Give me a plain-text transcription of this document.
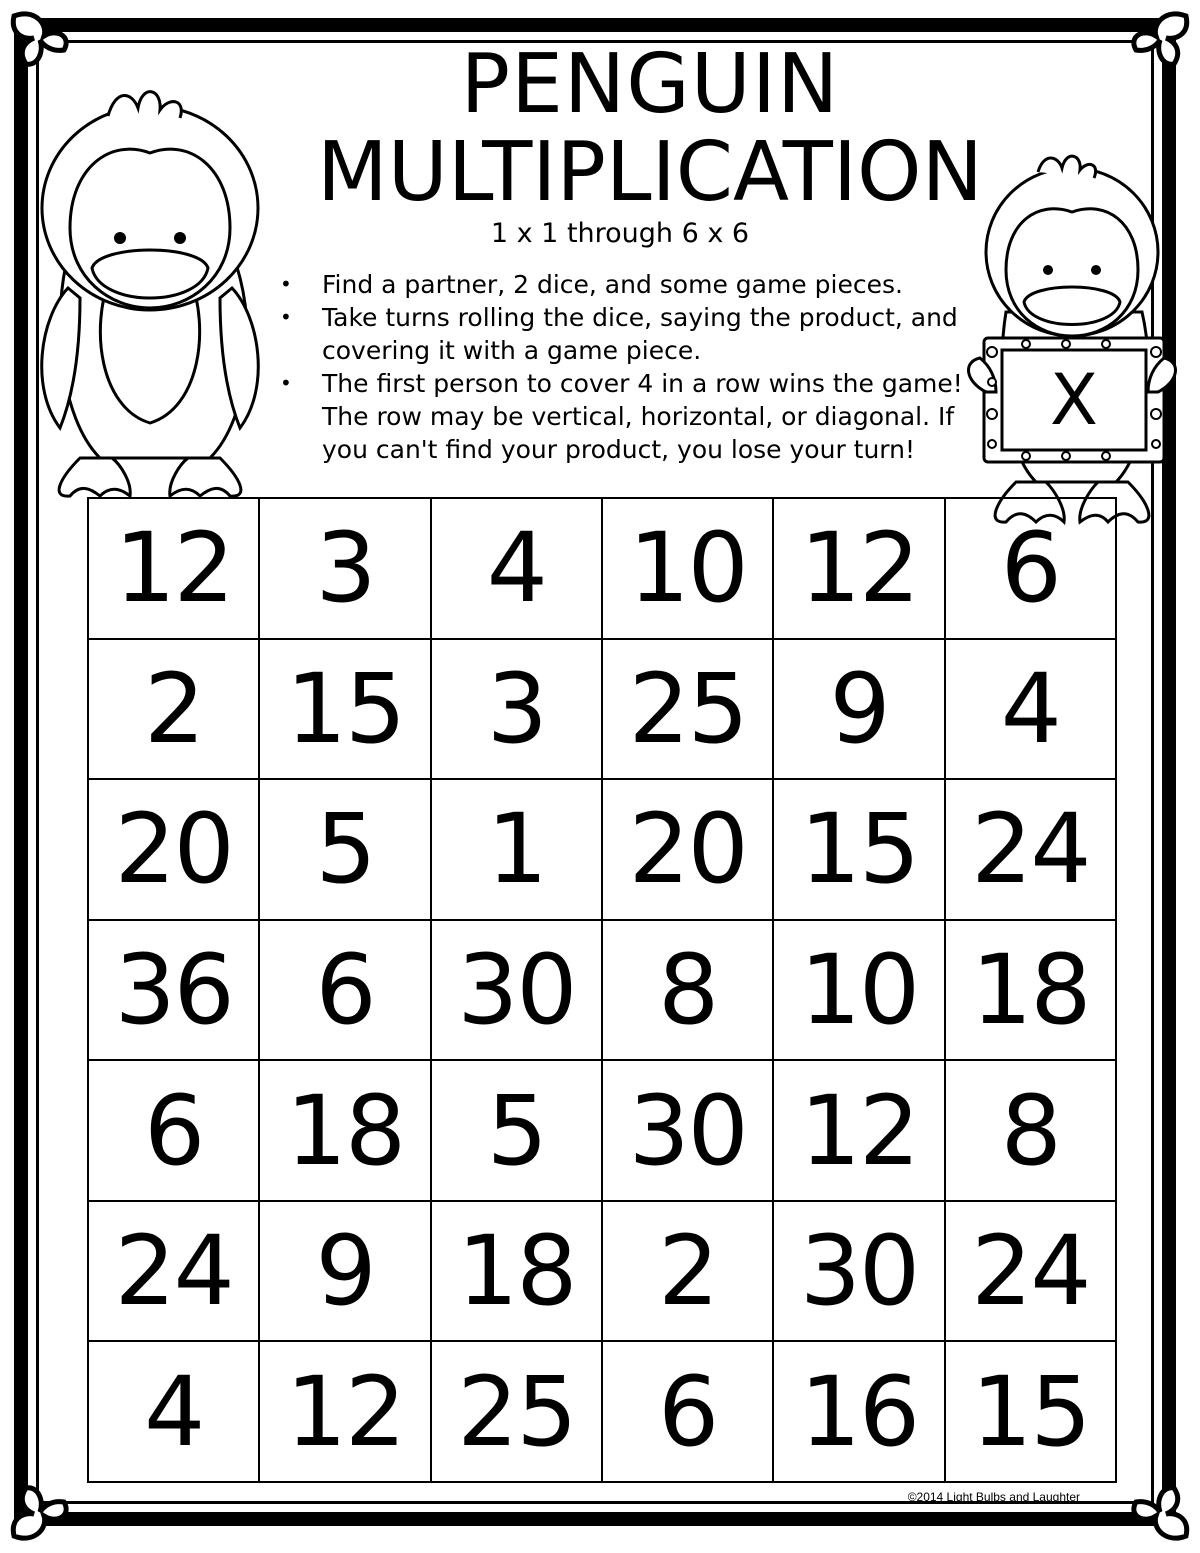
X
PENGUIN
MULTIPLICATION
1 x 1 through 6 x 6
• Find a partner, 2 dice, and some game pieces.
• Take turns rolling the dice, saying the product, and covering it with a game piece.
• The first person to cover 4 in a row wins the game! The row may be vertical, horizontal, or diagonal. If you can't find your product, you lose your turn!
12	3	4	10	12	6
2	15	3	25	9	4
20	5	1	20	15	24
36	6	30	8	10	18
6	18	5	30	12	8
24	9	18	2	30	24
4	12	25	6	16	15
©2014 Light Bulbs and Laughter
